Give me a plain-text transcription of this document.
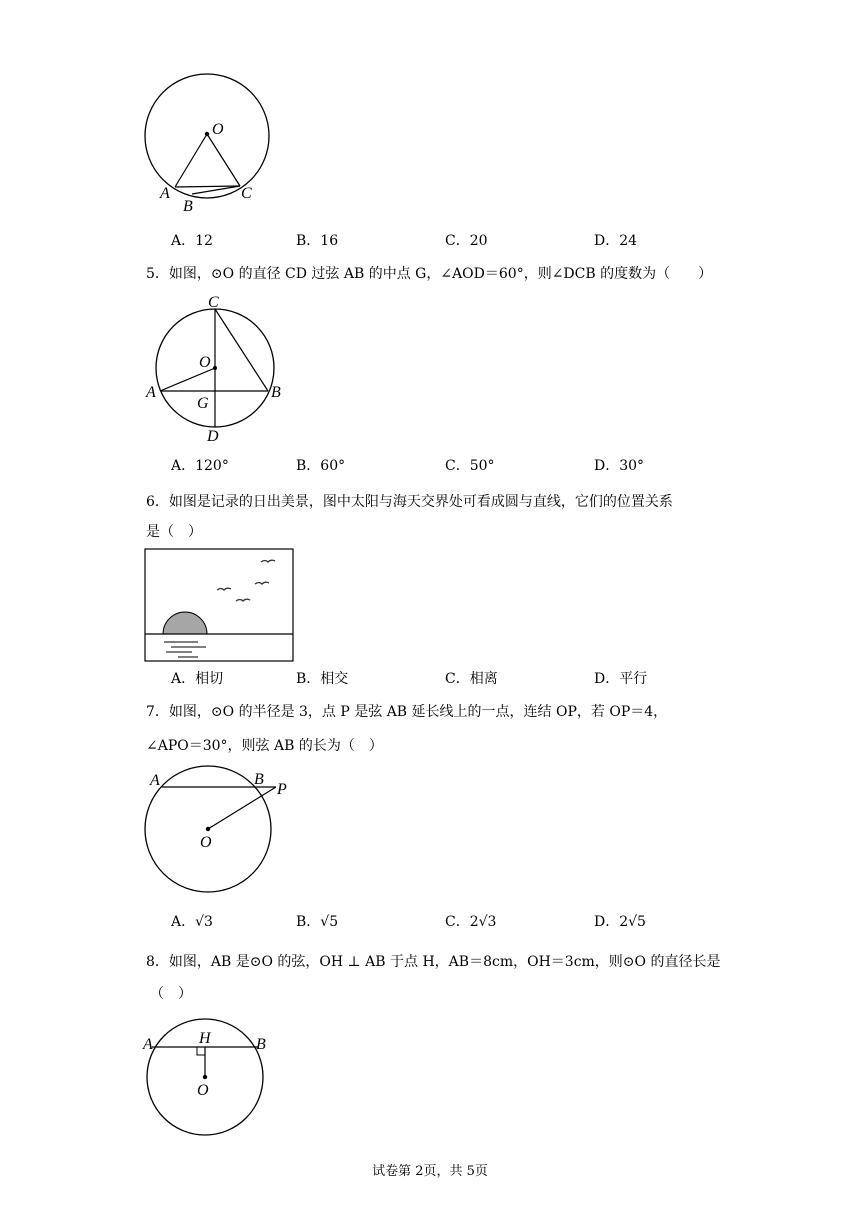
O
A
B
C
A．12	B．16	C．20	D．24
5．如图，⊙O 的直径 CD 过弦 AB 的中点 G，∠AOD＝60°，则∠DCB 的度数为（　　）
C
O
A
G
B
D
A．120°	B．60°	C．50°	D．30°
6．如图是记录的日出美景，图中太阳与海天交界处可看成圆与直线，它们的位置关系
是（　）
A．相切	B．相交	C．相离	D．平行
7．如图，⊙O 的半径是 3，点 P 是弦 AB 延长线上的一点，连结 OP，若 OP＝4，
∠APO＝30°，则弦 AB 的长为（　）
A	B
P
O
A．√3	B．√5	C．2√3	D．2√5
8．如图，AB 是⊙O 的弦，OH ⊥ AB 于点 H，AB＝8cm，OH＝3cm，则⊙O 的直径长是
（　）
A	H	B
O
试卷第 2页，共 5页
